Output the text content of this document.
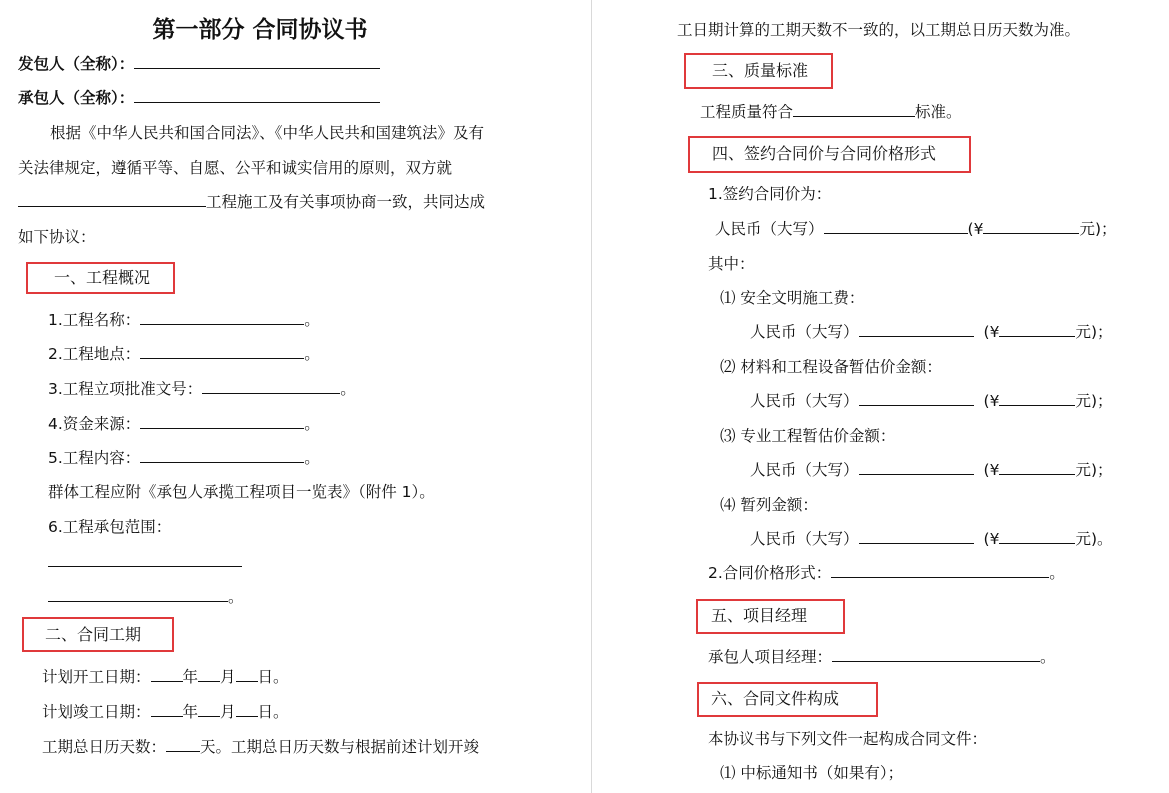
第一部分 合同协议书
发包人（全称）：
承包人（全称）：
根据《中华人民共和国合同法》、《中华人民共和国建筑法》及有
关法律规定，遵循平等、自愿、公平和诚实信用的原则，双方就
工程施工及有关事项协商一致，共同达成
如下协议：
一、工程概况
1.工程名称：	。
2.工程地点：	。
3.工程立项批准文号：	。
4.资金来源：	。
5.工程内容：	。
群体工程应附《承包人承揽工程项目一览表》（附件 1）。
6.工程承包范围：
。
二、合同工期
计划开工日期： 年 月 日。
计划竣工日期： 年 月 日。
工期总日历天数： 天。工期总日历天数与根据前述计划开竣
工日期计算的工期天数不一致的，以工期总日历天数为准。
三、质量标准
工程质量符合	标准。
四、签约合同价与合同价格形式
1.签约合同价为：
人民币（大写）	(¥	元)；
其中：
⑴ 安全文明施工费：
人民币（大写）	(¥	元)；
⑵ 材料和工程设备暂估价金额：
人民币（大写）	(¥	元)；
⑶ 专业工程暂估价金额：
人民币（大写）	(¥	元)；
⑷ 暂列金额：
人民币（大写）	(¥	元)。
2.合同价格形式：	。
五、项目经理
承包人项目经理：	。
六、合同文件构成
本协议书与下列文件一起构成合同文件：
⑴ 中标通知书（如果有）；
